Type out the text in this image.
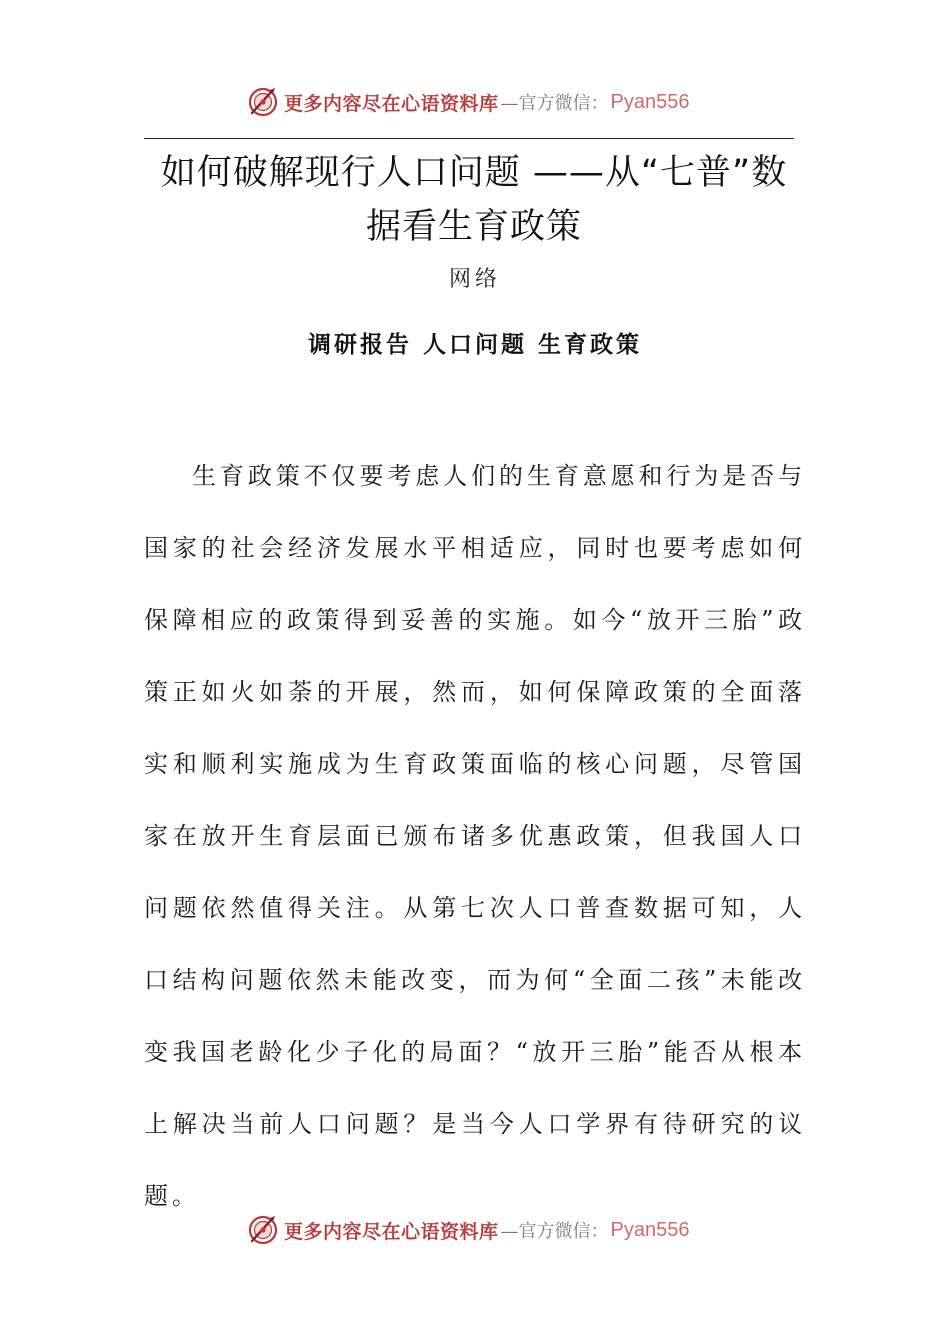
更多内容尽在心语资料库 —官方微信： Pyan556
如何破解现行人口问题 ——从“七普”数据看生育政策
网络
调研报告 人口问题 生育政策
生育政策不仅要考虑人们的生育意愿和行为是否与国家的社会经济发展水平相适应，同时也要考虑如何保障相应的政策得到妥善的实施。如今“放开三胎”政策正如火如荼的开展，然而，如何保障政策的全面落实和顺利实施成为生育政策面临的核心问题，尽管国家在放开生育层面已颁布诸多优惠政策，但我国人口问题依然值得关注。从第七次人口普查数据可知，人口结构问题依然未能改变，而为何“全面二孩”未能改变我国老龄化少子化的局面？“放开三胎”能否从根本上解决当前人口问题？是当今人口学界有待研究的议题。
更多内容尽在心语资料库 —官方微信： Pyan556
